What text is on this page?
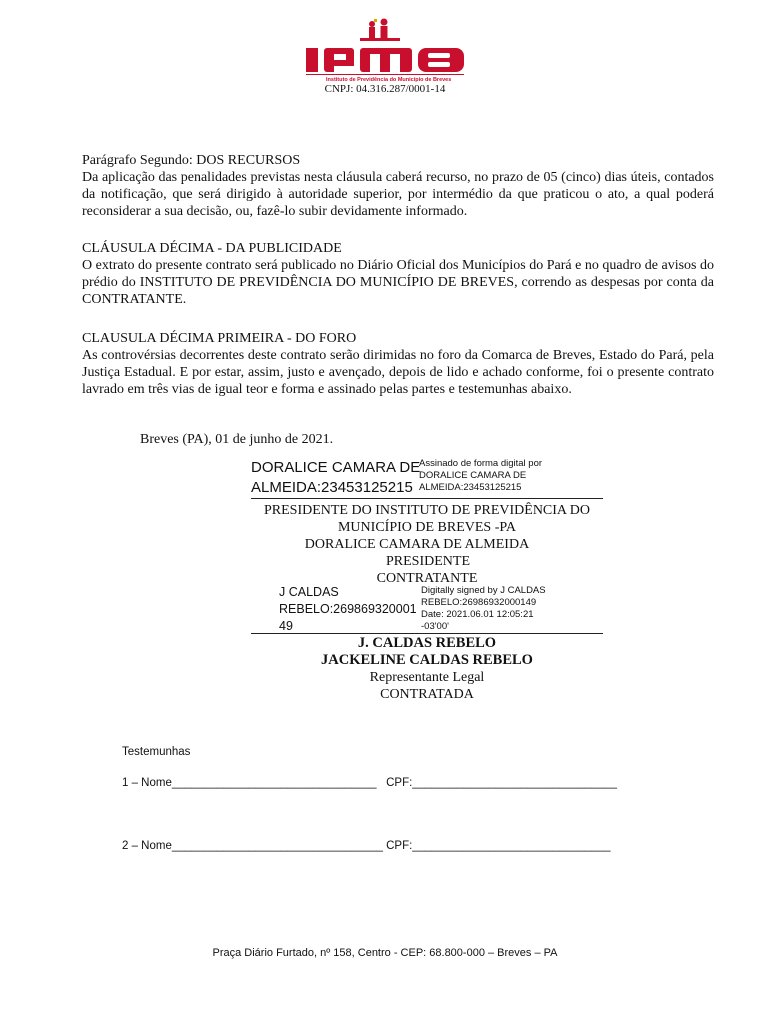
Instituto de Previdência do Município de Breves
CNPJ: 04.316.287/0001-14
Parágrafo Segundo: DOS RECURSOS
Da aplicação das penalidades previstas nesta cláusula caberá recurso, no prazo de 05 (cinco) dias úteis, contados da notificação, que será dirigido à autoridade superior, por intermédio da que praticou o ato, a qual poderá reconsiderar a sua decisão, ou, fazê-lo subir devidamente informado.
CLÁUSULA DÉCIMA - DA PUBLICIDADE
O extrato do presente contrato será publicado no Diário Oficial dos Municípios do Pará e no quadro de avisos do prédio do INSTITUTO DE PREVIDÊNCIA DO MUNICÍPIO DE BREVES, correndo as despesas por conta da CONTRATANTE.
CLAUSULA DÉCIMA PRIMEIRA - DO FORO
As controvérsias decorrentes deste contrato serão dirimidas no foro da Comarca de Breves, Estado do Pará, pela Justiça Estadual. E por estar, assim, justo e avençado, depois de lido e achado conforme, foi o presente contrato lavrado em três vias de igual teor e forma e assinado pelas partes e testemunhas abaixo.
Breves (PA), 01 de junho de 2021.
DORALICE CAMARA DE
ALMEIDA:23453125215
Assinado de forma digital por
DORALICE CAMARA DE
ALMEIDA:23453125215
PRESIDENTE DO INSTITUTO DE PREVIDÊNCIA DO
MUNICÍPIO DE BREVES -PA
DORALICE CAMARA DE ALMEIDA
PRESIDENTE
CONTRATANTE
J CALDAS
REBELO:269869320001
49
Digitally signed by J CALDAS
REBELO:26986932000149
Date: 2021.06.01 12:05:21
-03'00'
J. CALDAS REBELO
JACKELINE CALDAS REBELO
Representante Legal
CONTRATADA
Testemunhas
1 – Nome________________________________   CPF:________________________________
2 – Nome_________________________________ CPF:_______________________________
Praça Diário Furtado, nº 158, Centro - CEP: 68.800-000 – Breves – PA
